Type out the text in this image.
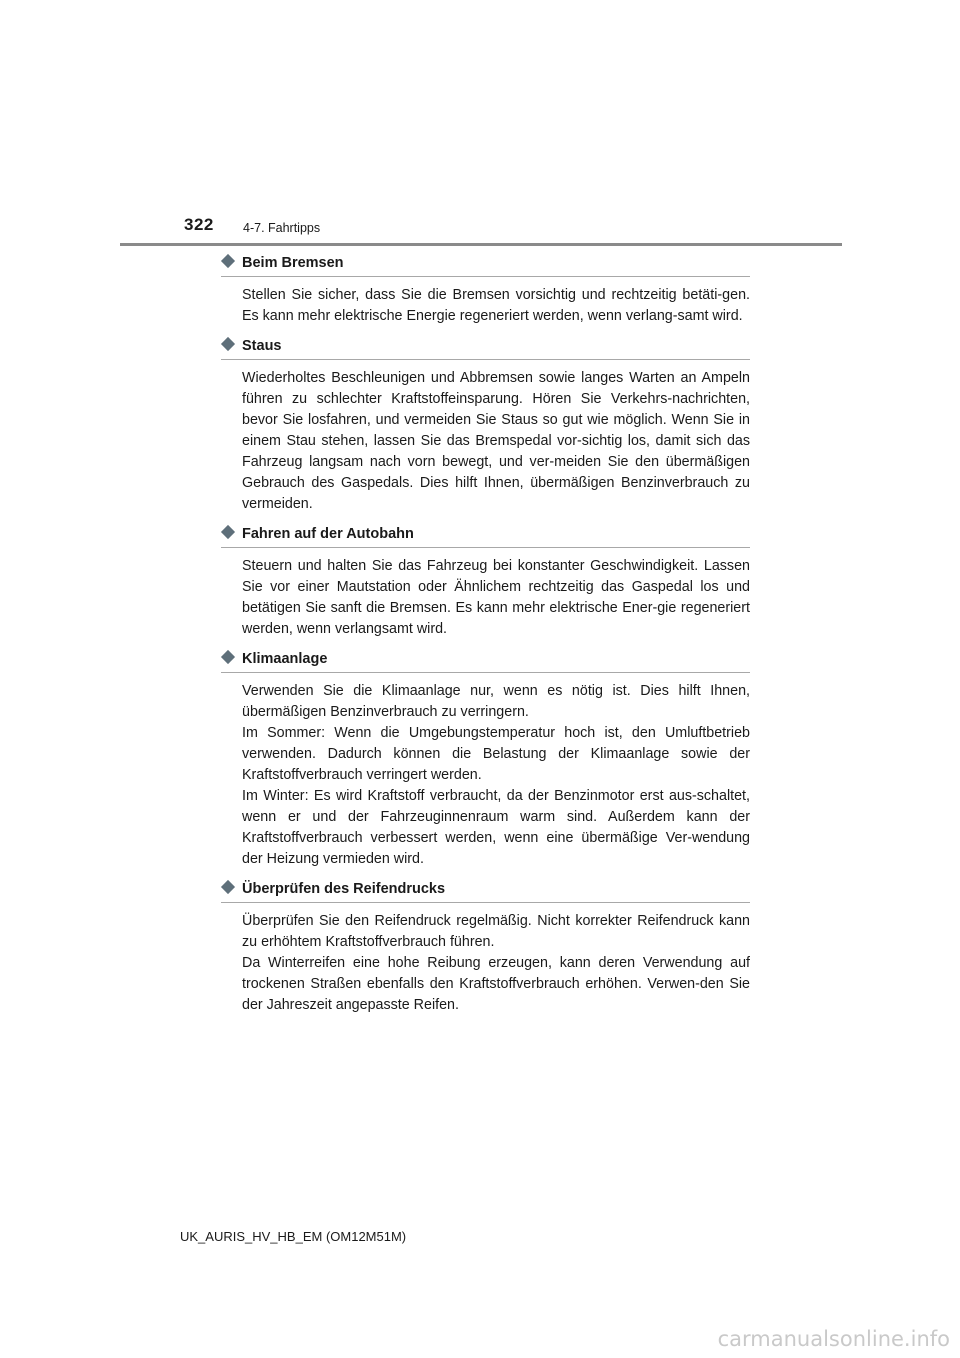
322 4-7. Fahrtipps
Beim Bremsen

Stellen Sie sicher, dass Sie die Bremsen vorsichtig und rechtzeitig betäti-gen. Es kann mehr elektrische Energie regeneriert werden, wenn verlang-samt wird.

Staus

Wiederholtes Beschleunigen und Abbremsen sowie langes Warten an Ampeln führen zu schlechter Kraftstoffeinsparung. Hören Sie Verkehrs-nachrichten, bevor Sie losfahren, und vermeiden Sie Staus so gut wie möglich. Wenn Sie in einem Stau stehen, lassen Sie das Bremspedal vor-sichtig los, damit sich das Fahrzeug langsam nach vorn bewegt, und ver-meiden Sie den übermäßigen Gebrauch des Gaspedals. Dies hilft Ihnen, übermäßigen Benzinverbrauch zu vermeiden.

Fahren auf der Autobahn

Steuern und halten Sie das Fahrzeug bei konstanter Geschwindigkeit. Lassen Sie vor einer Mautstation oder Ähnlichem rechtzeitig das Gaspedal los und betätigen Sie sanft die Bremsen. Es kann mehr elektrische Ener-gie regeneriert werden, wenn verlangsamt wird.

Klimaanlage

Verwenden Sie die Klimaanlage nur, wenn es nötig ist. Dies hilft Ihnen, übermäßigen Benzinverbrauch zu verringern.

Im Sommer: Wenn die Umgebungstemperatur hoch ist, den Umluftbetrieb verwenden. Dadurch können die Belastung der Klimaanlage sowie der Kraftstoffverbrauch verringert werden.

Im Winter: Es wird Kraftstoff verbraucht, da der Benzinmotor erst aus-schaltet, wenn er und der Fahrzeuginnenraum warm sind. Außerdem kann der Kraftstoffverbrauch verbessert werden, wenn eine übermäßige Ver-wendung der Heizung vermieden wird.

Überprüfen des Reifendrucks

Überprüfen Sie den Reifendruck regelmäßig. Nicht korrekter Reifendruck kann zu erhöhtem Kraftstoffverbrauch führen.

Da Winterreifen eine hohe Reibung erzeugen, kann deren Verwendung auf trockenen Straßen ebenfalls den Kraftstoffverbrauch erhöhen. Verwen-den Sie der Jahreszeit angepasste Reifen.

UK_AURIS_HV_HB_EM (OM12M51M)
carmanualsonline.info
